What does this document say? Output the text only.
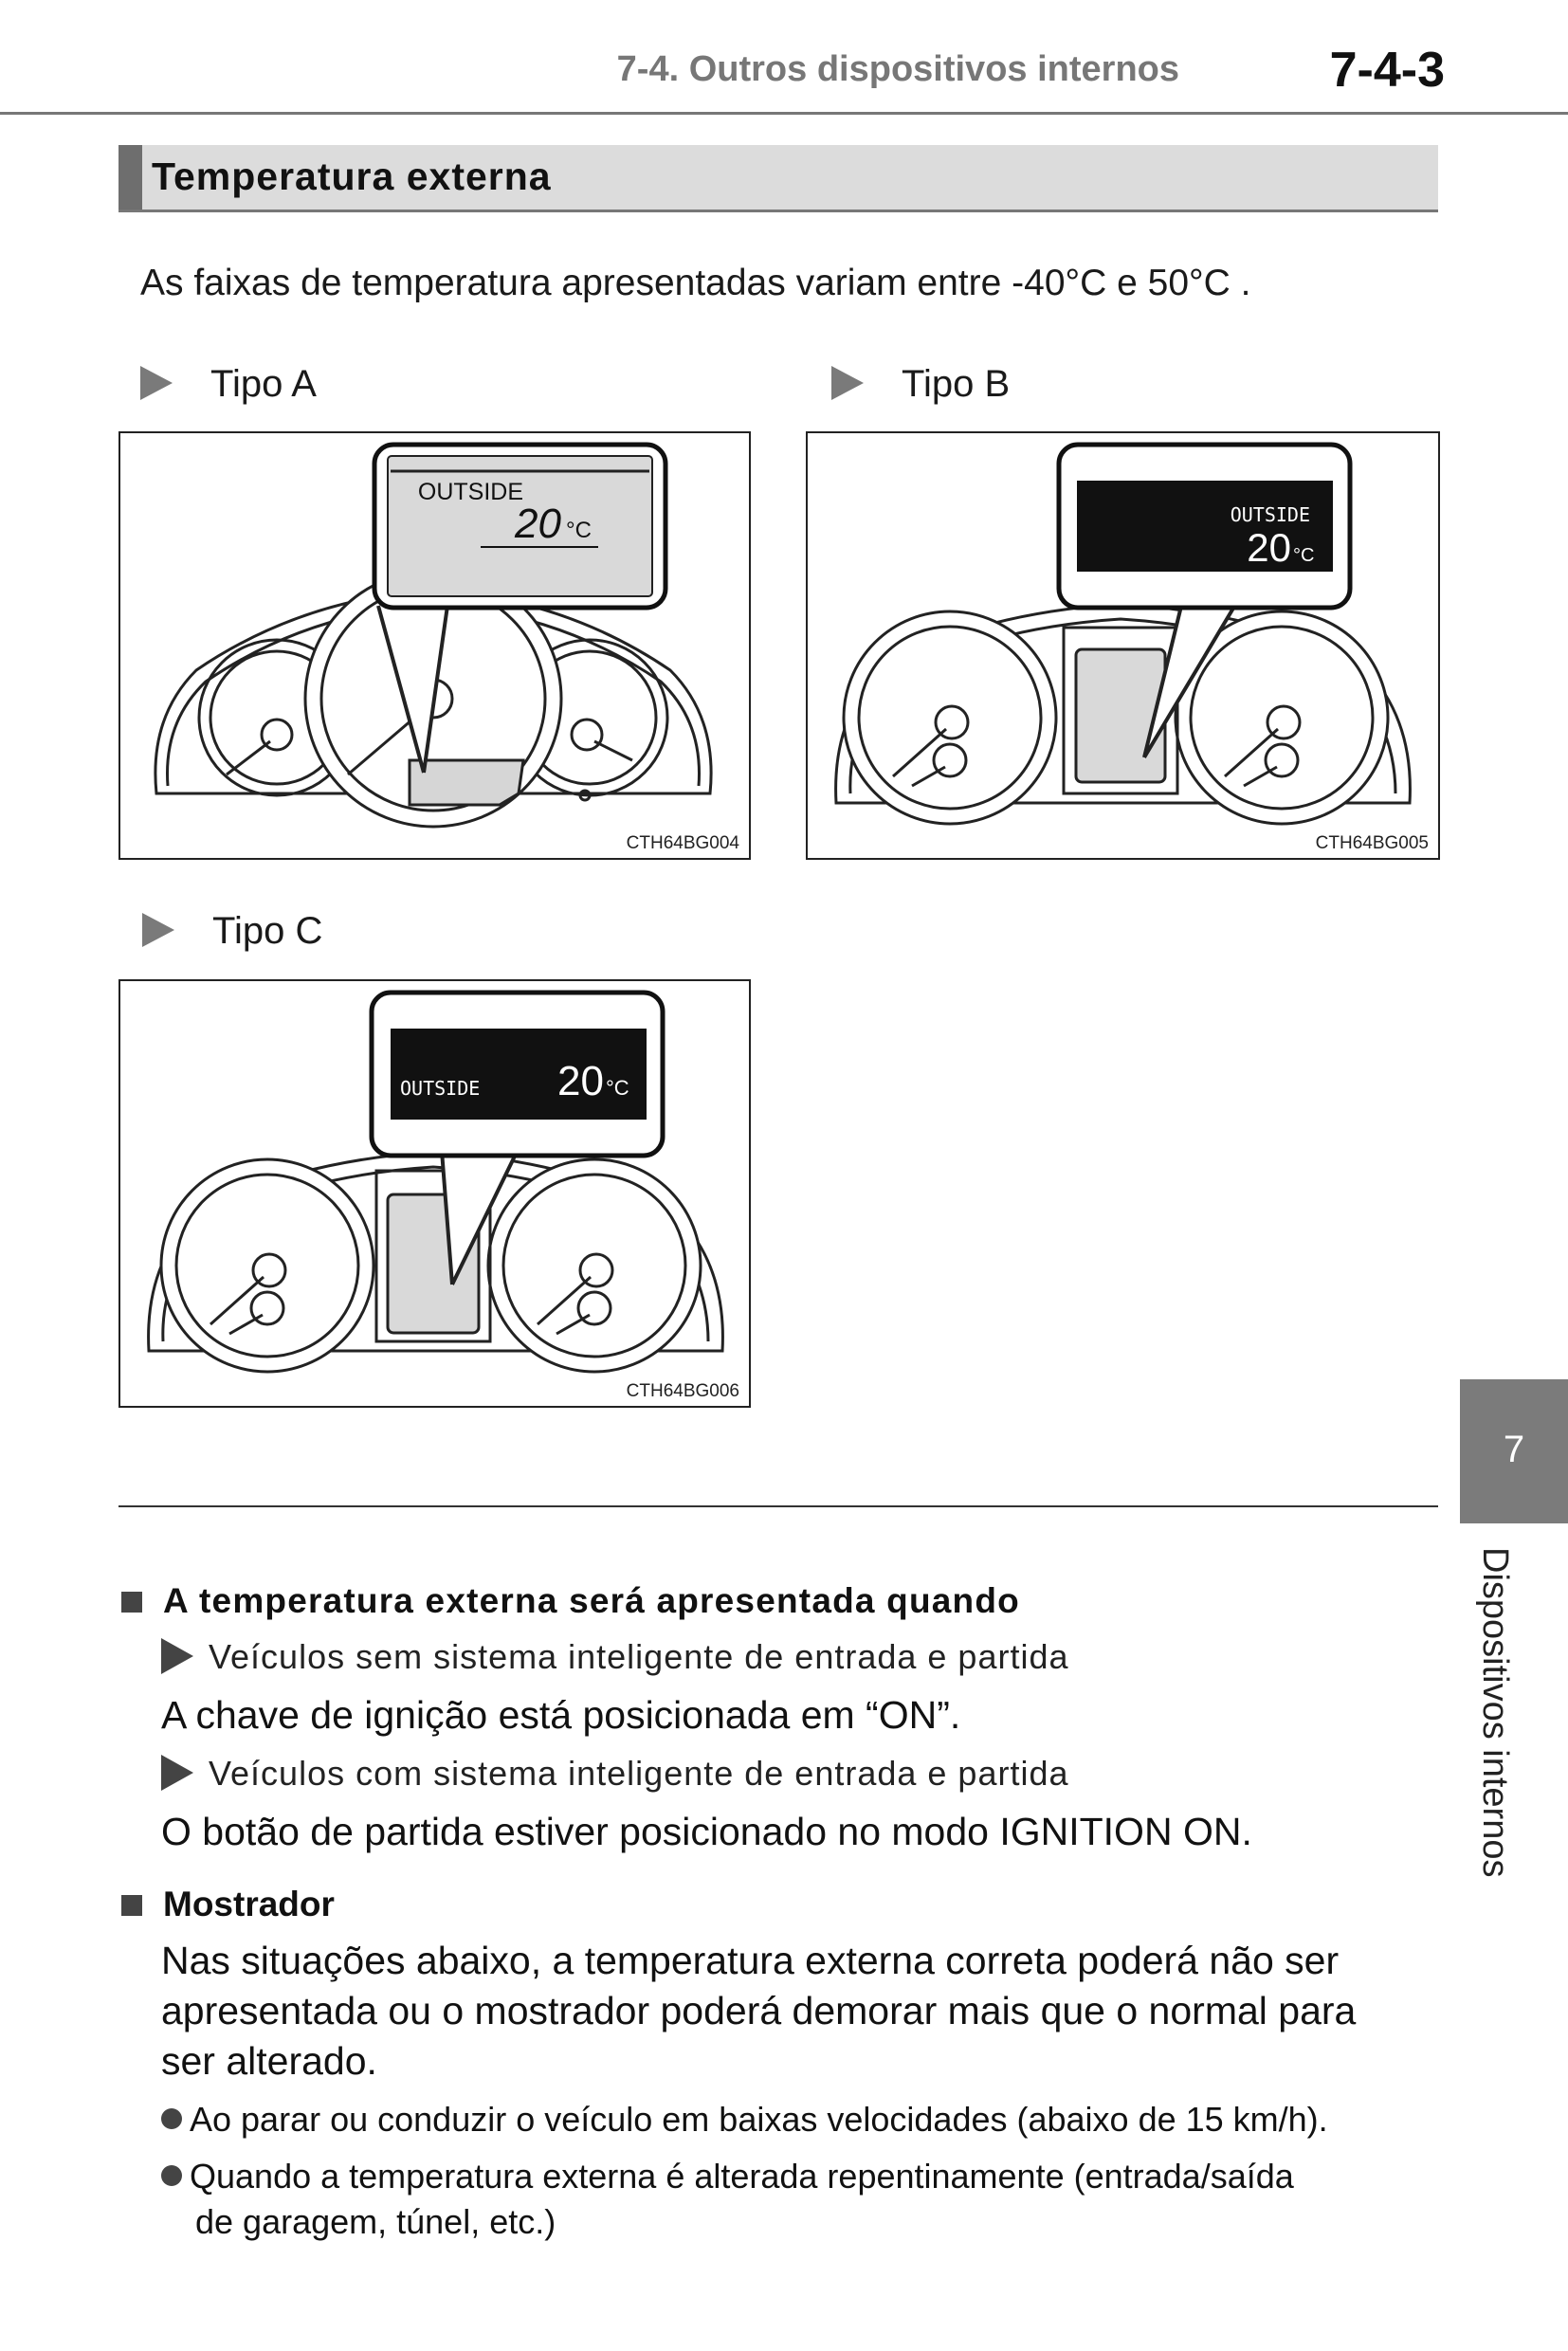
7-4. Outros dispositivos internos	7-4-3
Temperatura externa
As faixas de temperatura apresentadas variam entre -40°C e 50°C .
Tipo A	Tipo B
Tipo C
OUTSIDE
20 °C
CTH64BG004
OUTSIDE
20 °C
CTH64BG005
OUTSIDE 20 °C
CTH64BG006
7
Dispositivos internos
A temperatura externa será apresentada quando
Veículos sem sistema inteligente de entrada e partida
A chave de ignição está posicionada em “ON”.
Veículos com sistema inteligente de entrada e partida
O botão de partida estiver posicionado no modo IGNITION ON.
Mostrador
Nas situações abaixo, a temperatura externa correta poderá não ser
apresentada ou o mostrador poderá demorar mais que o normal para
ser alterado.
Ao parar ou conduzir o veículo em baixas velocidades (abaixo de 15 km/h).
Quando a temperatura externa é alterada repentinamente (entrada/saída
de garagem, túnel, etc.)
